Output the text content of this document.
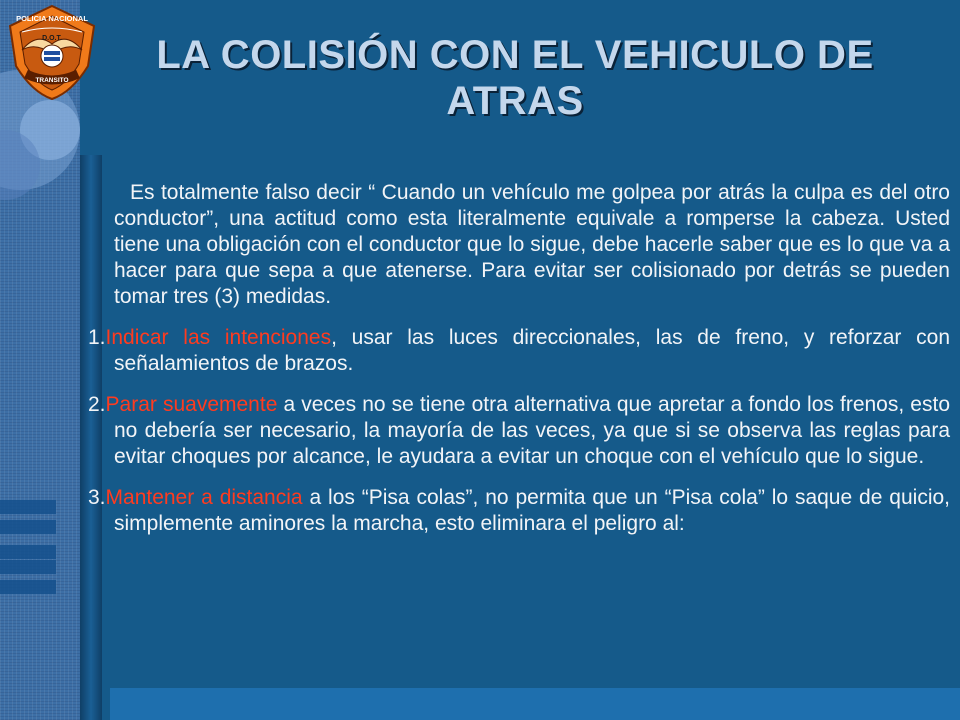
POLICIA NACIONAL
D.O.T.
TRANSITO
LA COLISIÓN CON EL VEHICULO DE ATRAS

Es totalmente falso decir “ Cuando un vehículo me golpea por atrás la culpa es del otro conductor”, una actitud como esta literalmente equivale a romperse la cabeza. Usted tiene una obligación con el conductor que lo sigue, debe hacerle saber que es lo que va a hacer para que sepa a que atenerse. Para evitar ser colisionado por detrás se pueden tomar tres (3) medidas.

1.Indicar las intenciones, usar las luces direccionales, las de freno, y reforzar con señalamientos de brazos.

2.Parar suavemente a veces no se tiene otra alternativa que apretar a fondo los frenos, esto no debería ser necesario, la mayoría de las veces, ya que si se observa las reglas para evitar choques por alcance, le ayudara a evitar un choque con el vehículo que lo sigue.

3.Mantener a distancia a los “Pisa colas”, no permita que un “Pisa cola” lo saque de quicio, simplemente aminores la marcha, esto eliminara el peligro al:
